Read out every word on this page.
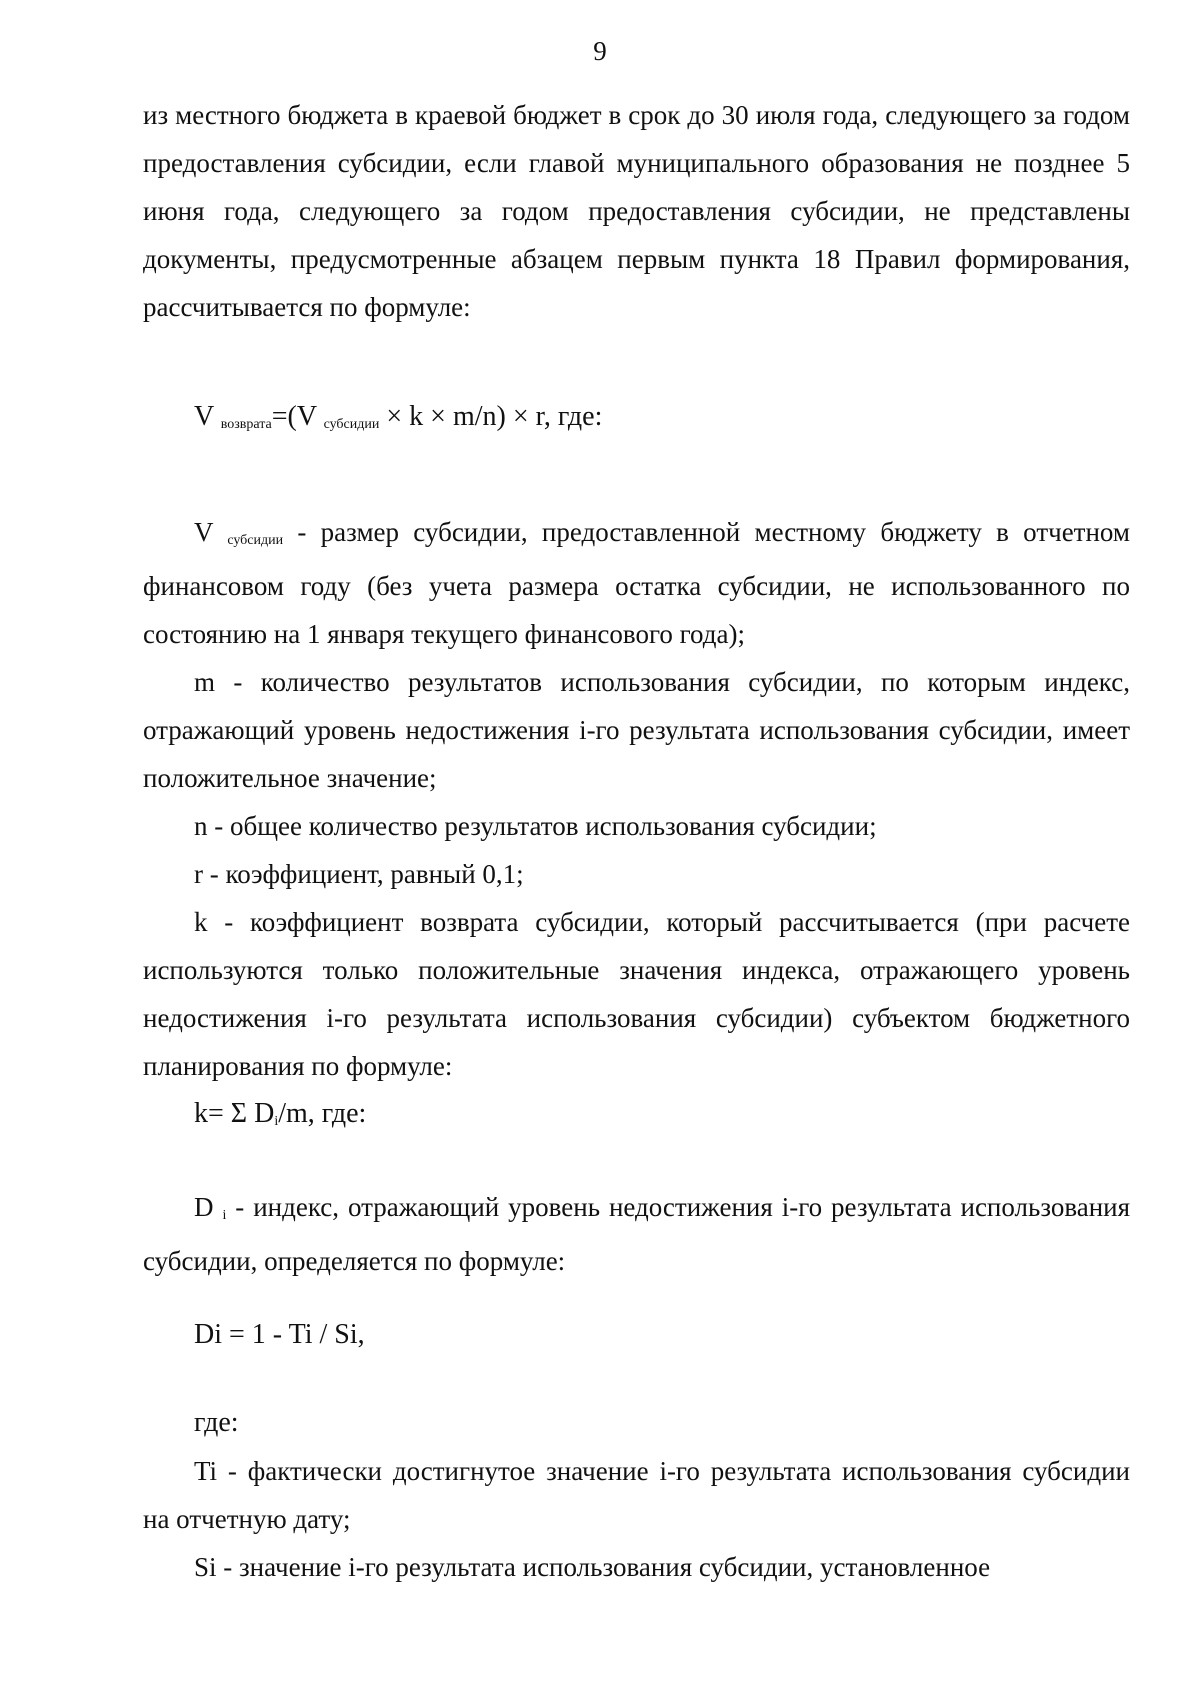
9

из местного бюджета в краевой бюджет в срок до 30 июля года, следующего за годом предоставления субсидии, если главой муниципального образования не позднее 5 июня года, следующего за годом предоставления субсидии, не представлены документы, предусмотренные абзацем первым пункта 18 Правил формирования, рассчитывается по формуле:

V возврата=(V субсидии × k × m/n) × r, где:

V субсидии - размер субсидии, предоставленной местному бюджету в отчетном финансовом году (без учета размера остатка субсидии, не использованного по состоянию на 1 января текущего финансового года);

m - количество результатов использования субсидии, по которым индекс, отражающий уровень недостижения i-го результата использования субсидии, имеет положительное значение;

n - общее количество результатов использования субсидии;

r - коэффициент, равный 0,1;

k - коэффициент возврата субсидии, который рассчитывается (при расчете используются только положительные значения индекса, отражающего уровень недостижения i-го результата использования субсидии) субъектом бюджетного планирования по формуле:

k= Σ Di/m, где:

D i - индекс, отражающий уровень недостижения i-го результата использования субсидии, определяется по формуле:

Di = 1 - Ti / Si,

где:

Ti - фактически достигнутое значение i-го результата использования субсидии на отчетную дату;

Si - значение i-го результата использования субсидии, установленное
